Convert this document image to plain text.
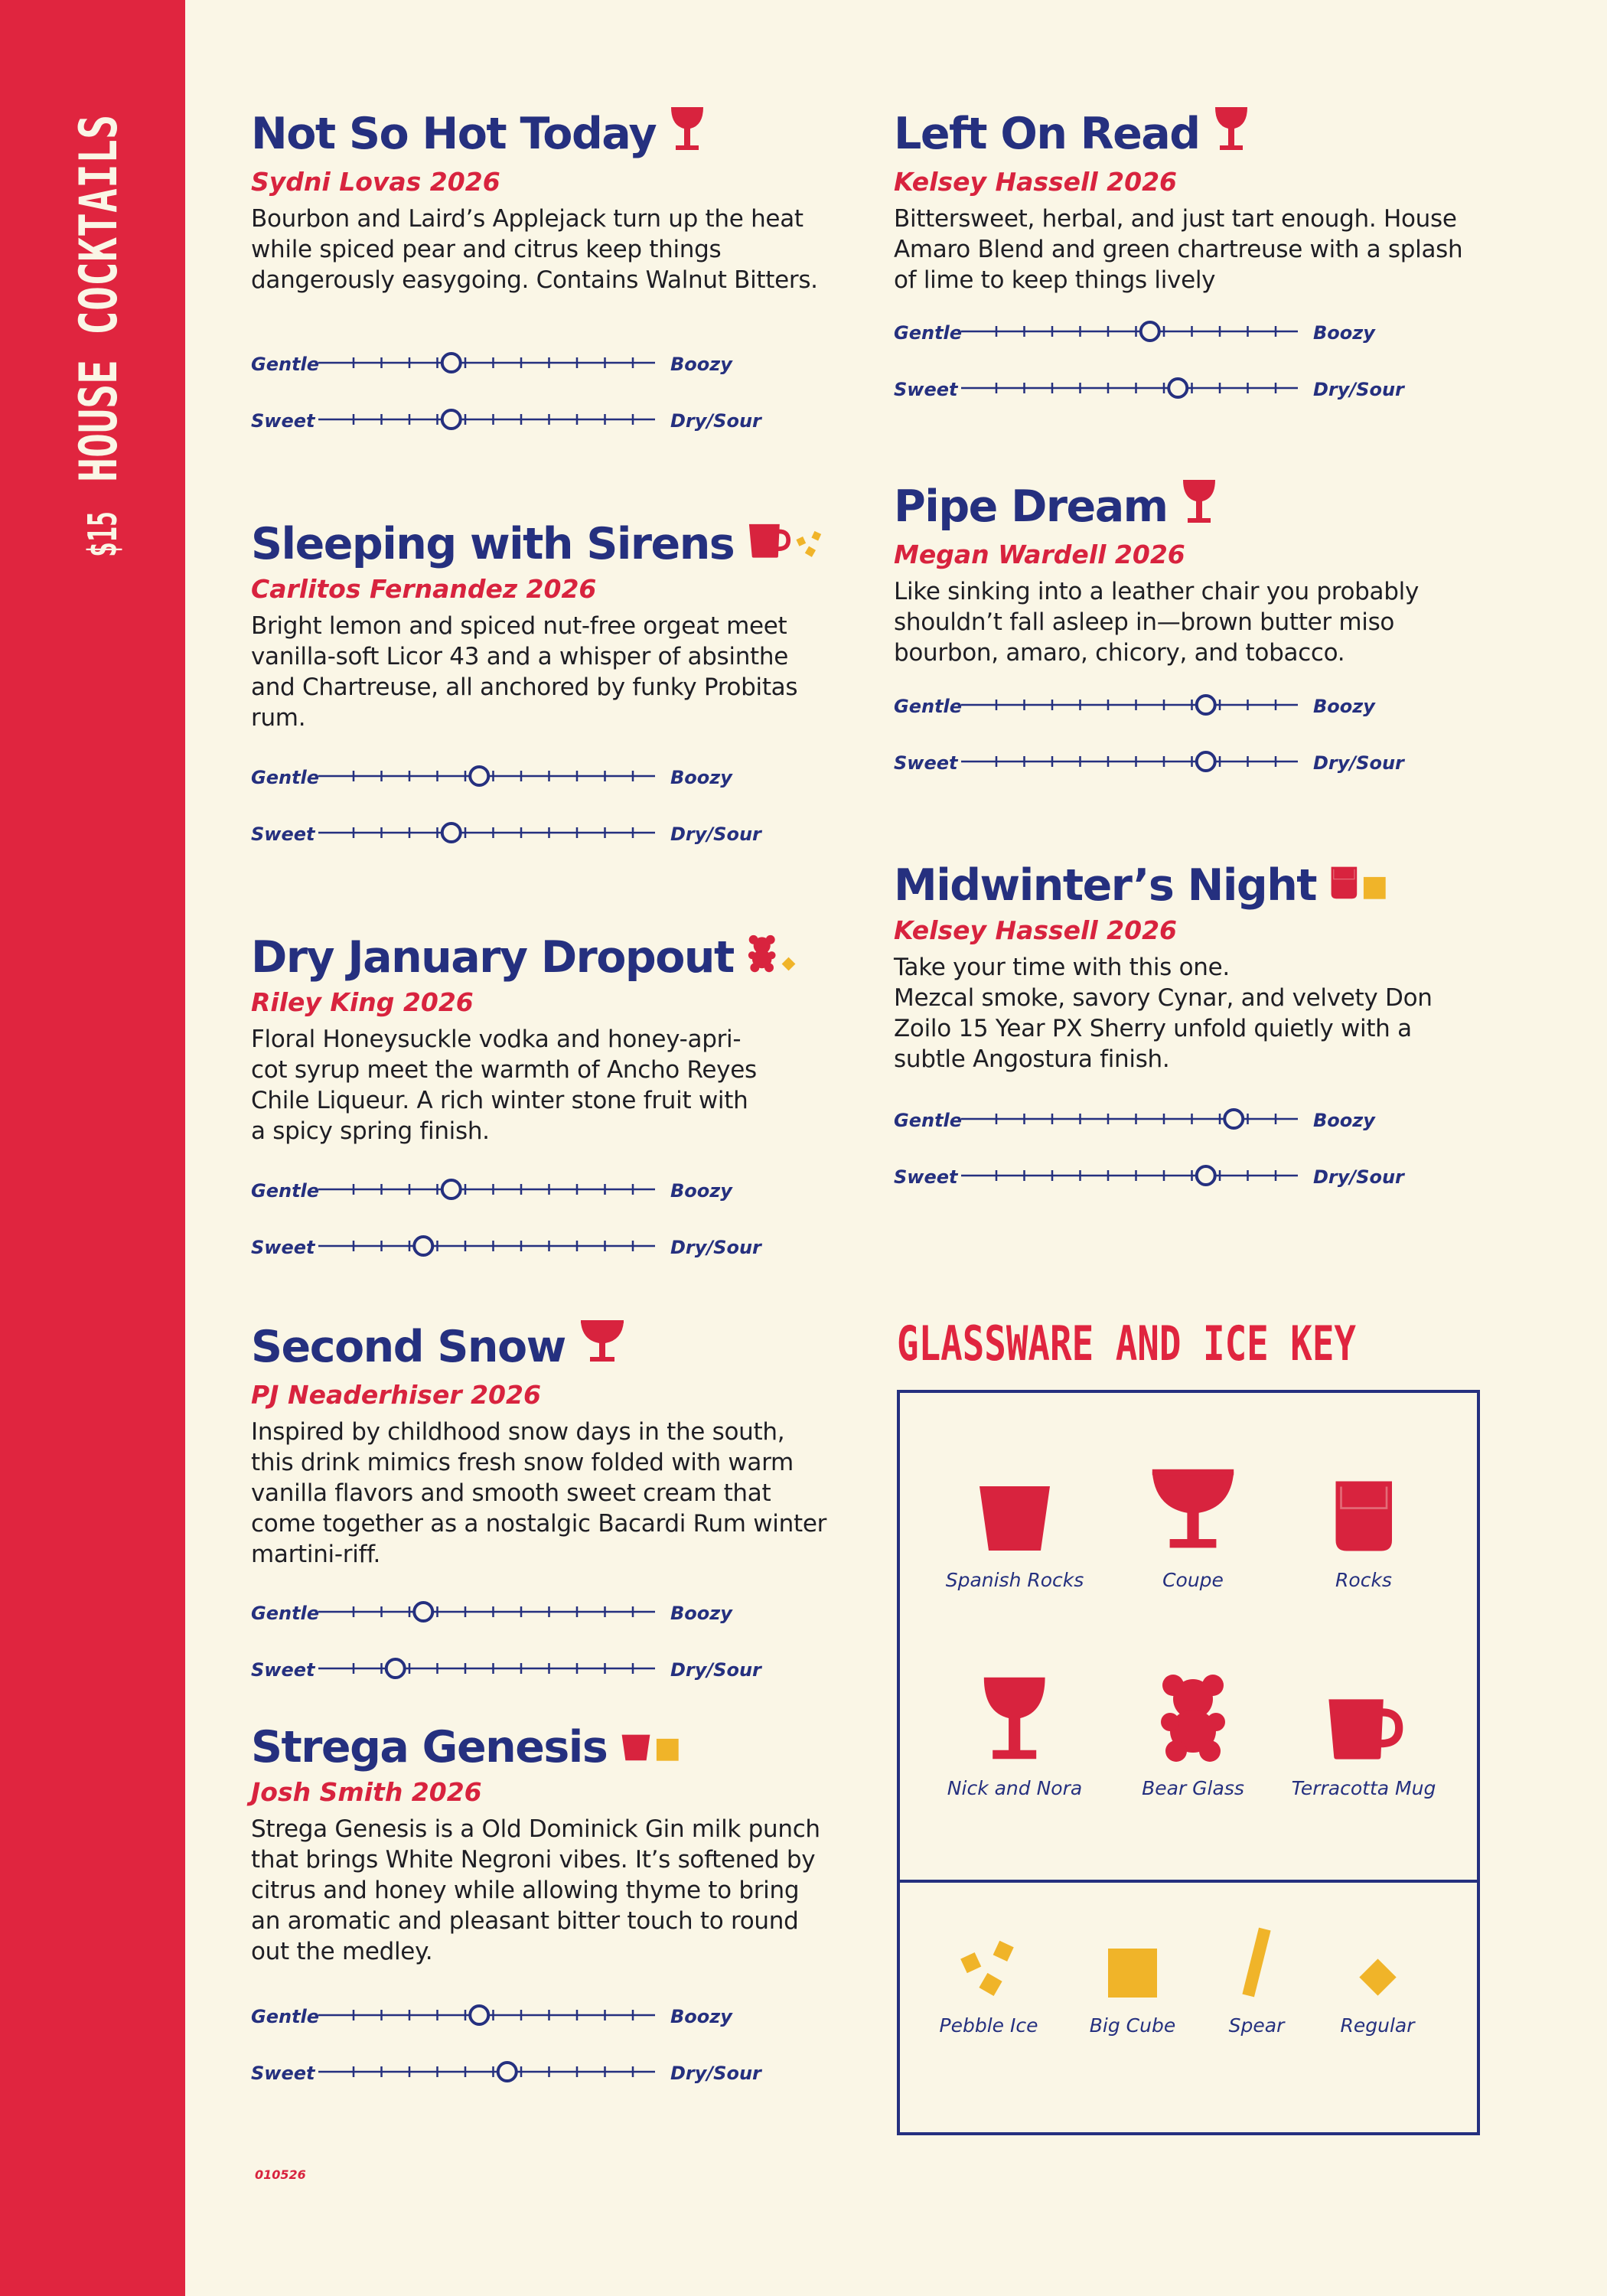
HOUSE COCKTAILS
$15
Not So Hot Today
Sydni Lovas 2026
Bourbon and Laird’s Applejack turn up the heat while spiced pear and citrus keep things dangerously easygoing. Contains Walnut Bitters.
Gentle	Boozy
Sweet	Dry/Sour
Left On Read
Kelsey Hassell 2026
Bittersweet, herbal, and just tart enough. House Amaro Blend and green chartreuse with a splash of lime to keep things lively
Gentle	Boozy
Sweet	Dry/Sour
Sleeping with Sirens
Carlitos Fernandez 2026
Bright lemon and spiced nut-free orgeat meet vanilla-soft Licor 43 and a whisper of absinthe and Chartreuse, all anchored by funky Probitas rum.
Gentle	Boozy
Sweet	Dry/Sour
Pipe Dream
Megan Wardell 2026
Like sinking into a leather chair you probably shouldn’t fall asleep in—brown butter miso bourbon, amaro, chicory, and tobacco.
Gentle	Boozy
Sweet	Dry/Sour
Dry January Dropout
Riley King 2026
Floral Honeysuckle vodka and honey-apri-
cot syrup meet the warmth of Ancho Reyes
Chile Liqueur. A rich winter stone fruit with
a spicy spring finish.
Gentle	Boozy
Sweet	Dry/Sour
Midwinter’s Night
Kelsey Hassell 2026
Take your time with this one.
Mezcal smoke, savory Cynar, and velvety Don Zoilo 15 Year PX Sherry unfold quietly with a subtle Angostura finish.
Gentle	Boozy
Sweet	Dry/Sour
Second Snow
PJ Neaderhiser 2026
Inspired by childhood snow days in the south, this drink mimics fresh snow folded with warm vanilla flavors and smooth sweet cream that come together as a nostalgic Bacardi Rum winter martini-riff.
Gentle	Boozy
Sweet	Dry/Sour
Strega Genesis
Josh Smith 2026
Strega Genesis is a Old Dominick Gin milk punch that brings White Negroni vibes. It’s softened by citrus and honey while allowing thyme to bring an aromatic and pleasant bitter touch to round out the medley.
Gentle	Boozy
Sweet	Dry/Sour
GLASSWARE AND ICE KEY
Spanish Rocks	Coupe	Rocks
Nick and Nora	Bear Glass	Terracotta Mug
Pebble Ice	Big Cube	Spear	Regular
010526
